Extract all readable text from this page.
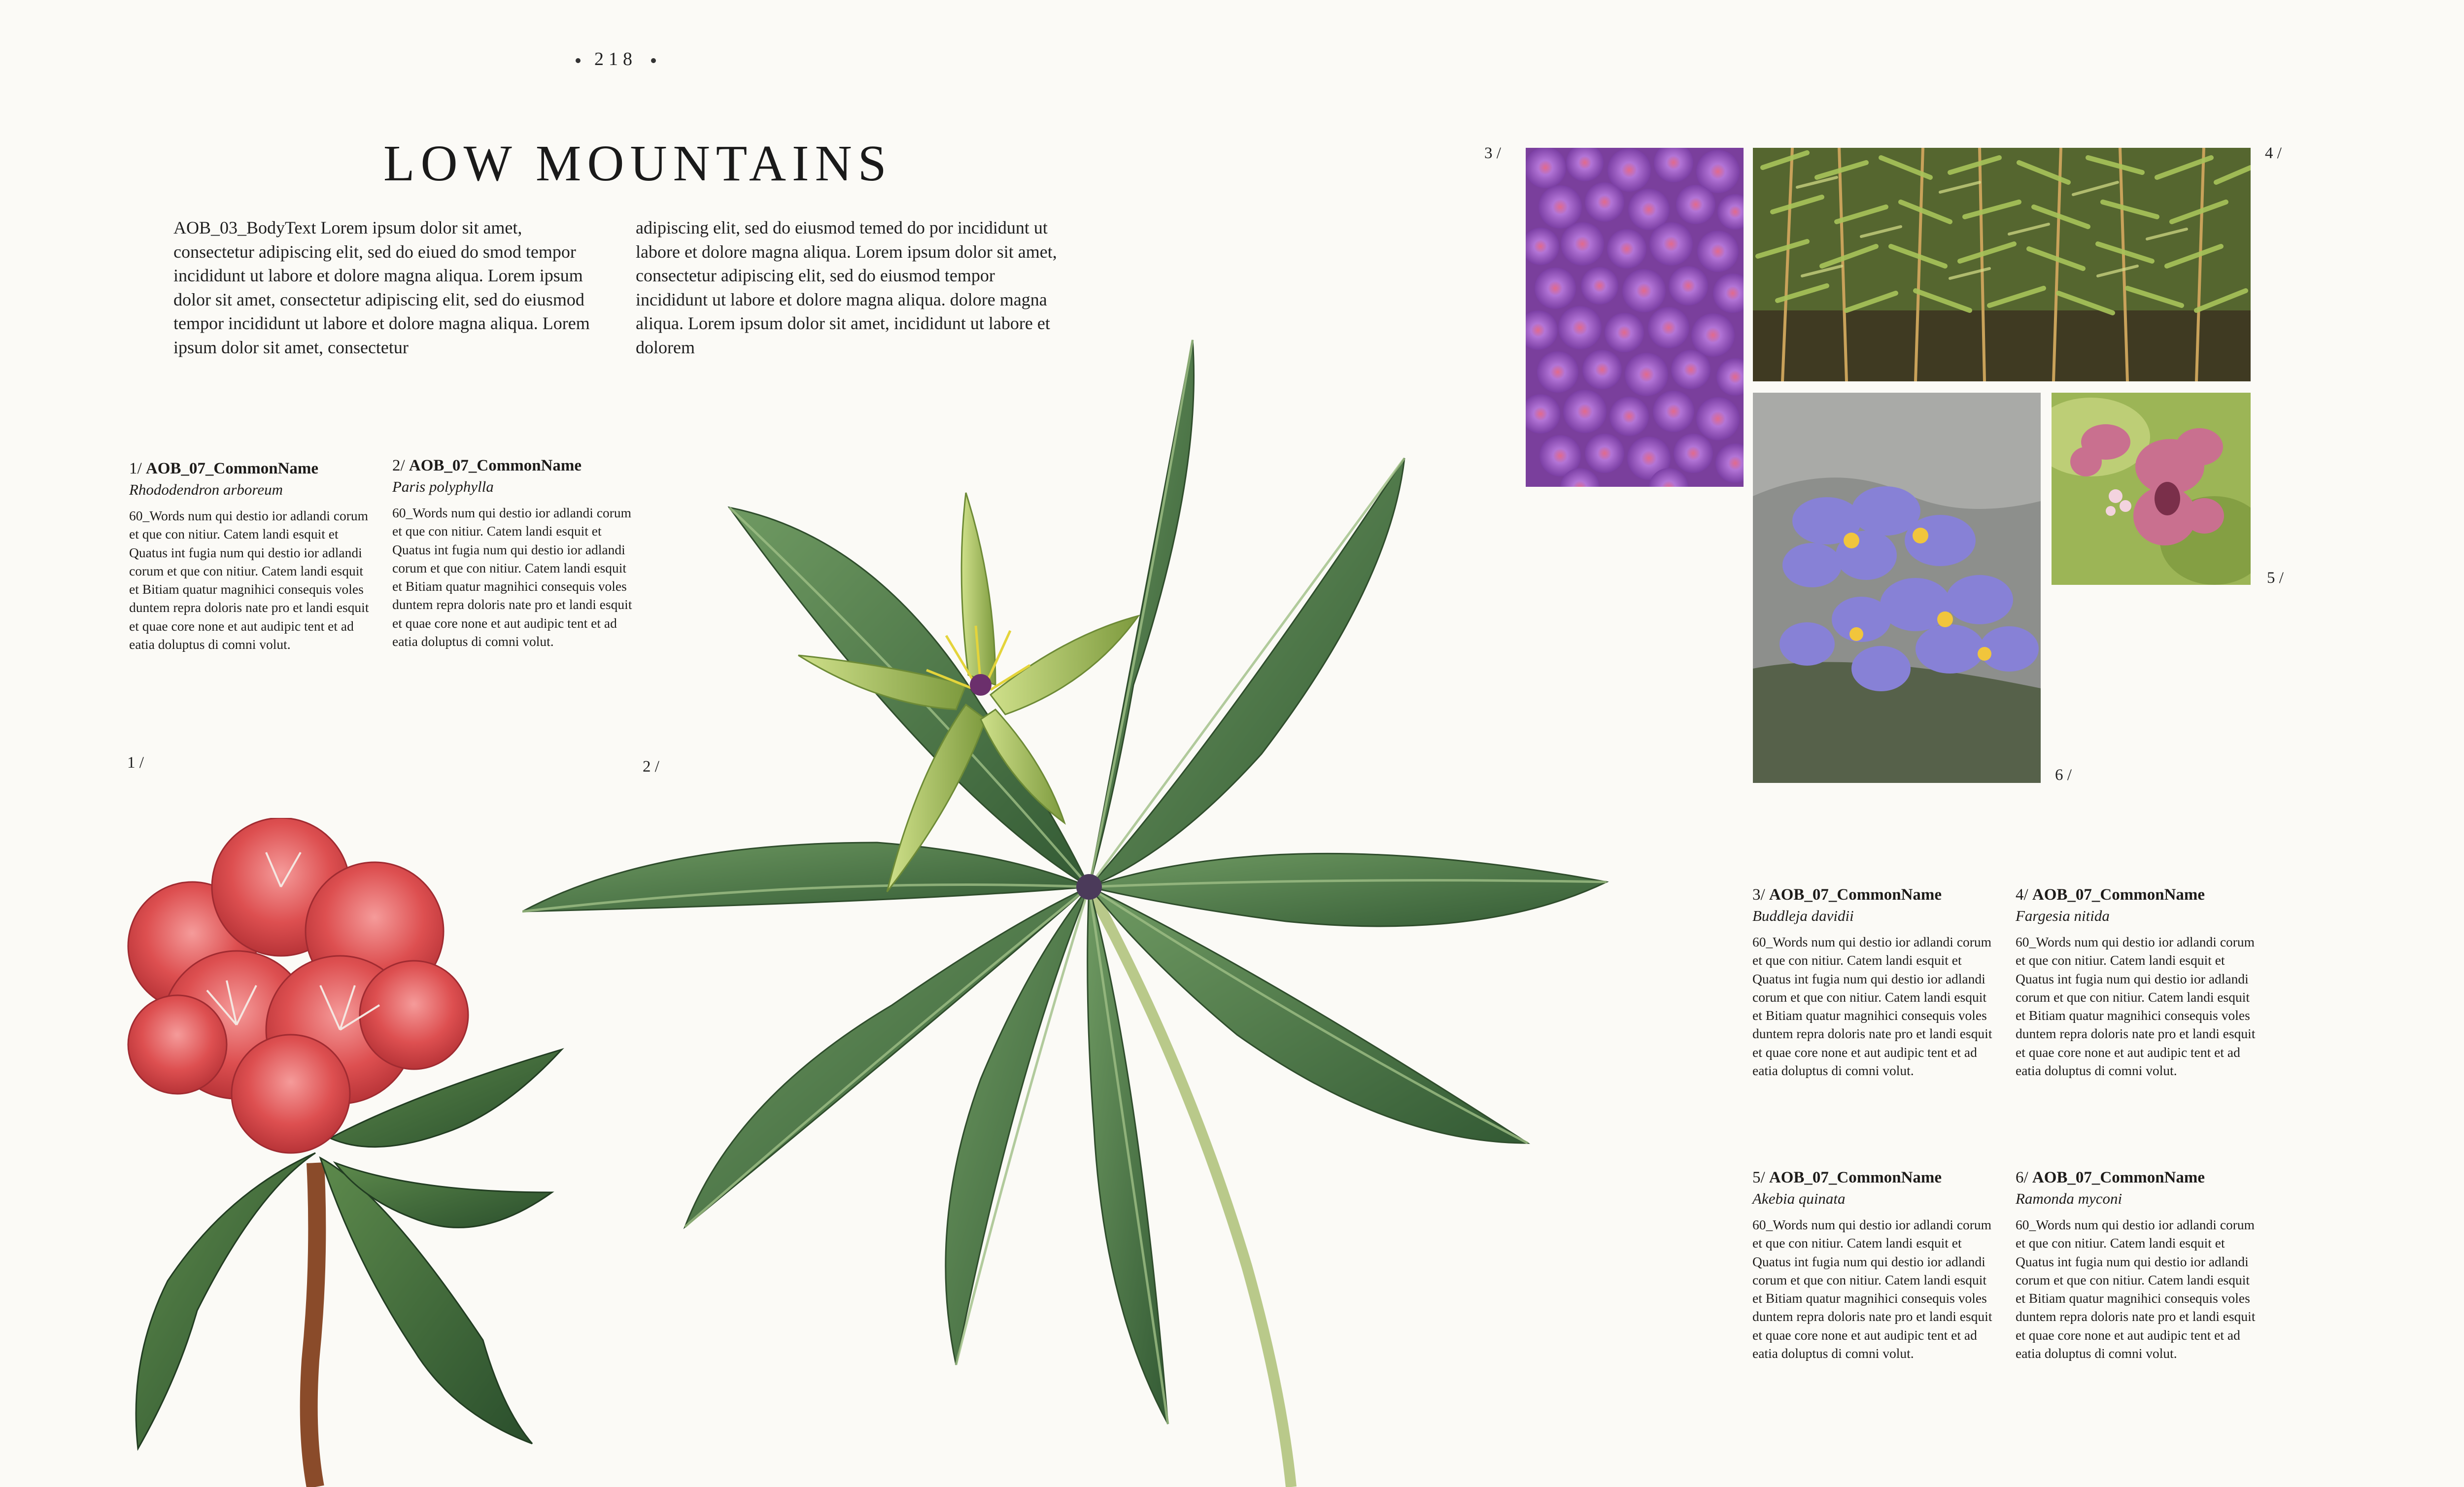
218
LOW MOUNTAINS

AOB_03_BodyText Lorem ipsum dolor sit amet, consectetur adipiscing elit, sed do eiued do smod tempor incididunt ut labore et dolore magna aliqua. Lorem ipsum dolor sit amet, consectetur adipiscing elit, sed do eiusmod tempor incididunt ut labore et dolore magna aliqua. Lorem ipsum dolor sit amet, consectetur

adipiscing elit, sed do eiusmod temed do por incididunt ut labore et dolore magna aliqua. Lorem ipsum dolor sit amet, consectetur adipiscing elit, sed do eiusmod tempor incididunt ut labore et dolore magna aliqua. dolore magna aliqua. Lorem ipsum dolor sit amet, incididunt ut labore et dolorem

1/ AOB_07_CommonName
Rhododendron arboreum
60_Words num qui destio ior adlandi corum et que con nitiur. Catem landi esquit et Quatus int fugia num qui destio ior adlandi corum et que con nitiur. Catem landi esquit et Bitiam quatur magnihici consequis voles duntem repra doloris nate pro et landi esquit et quae core none et aut audipic tent et ad eatia doluptus di comni volut.
2/ AOB_07_CommonName
Paris polyphylla
60_Words num qui destio ior adlandi corum et que con nitiur. Catem landi esquit et Quatus int fugia num qui destio ior adlandi corum et que con nitiur. Catem landi esquit et Bitiam quatur magnihici consequis voles duntem repra doloris nate pro et landi esquit et quae core none et aut audipic tent et ad eatia doluptus di comni volut.
3/ AOB_07_CommonName
Buddleja davidii
60_Words num qui destio ior adlandi corum et que con nitiur. Catem landi esquit et Quatus int fugia num qui destio ior adlandi corum et que con nitiur. Catem landi esquit et Bitiam quatur magnihici consequis voles duntem repra doloris nate pro et landi esquit et quae core none et aut audipic tent et ad eatia doluptus di comni volut.
4/ AOB_07_CommonName
Fargesia nitida
60_Words num qui destio ior adlandi corum et que con nitiur. Catem landi esquit et Quatus int fugia num qui destio ior adlandi corum et que con nitiur. Catem landi esquit et Bitiam quatur magnihici consequis voles duntem repra doloris nate pro et landi esquit et quae core none et aut audipic tent et ad eatia doluptus di comni volut.
5/ AOB_07_CommonName
Akebia quinata
60_Words num qui destio ior adlandi corum et que con nitiur. Catem landi esquit et Quatus int fugia num qui destio ior adlandi corum et que con nitiur. Catem landi esquit et Bitiam quatur magnihici consequis voles duntem repra doloris nate pro et landi esquit et quae core none et aut audipic tent et ad eatia doluptus di comni volut.
6/ AOB_07_CommonName
Ramonda myconi
60_Words num qui destio ior adlandi corum et que con nitiur. Catem landi esquit et Quatus int fugia num qui destio ior adlandi corum et que con nitiur. Catem landi esquit et Bitiam quatur magnihici consequis voles duntem repra doloris nate pro et landi esquit et quae core none et aut audipic tent et ad eatia doluptus di comni volut.
1 /	2 /
3 /	4 /
5 /
6 /
